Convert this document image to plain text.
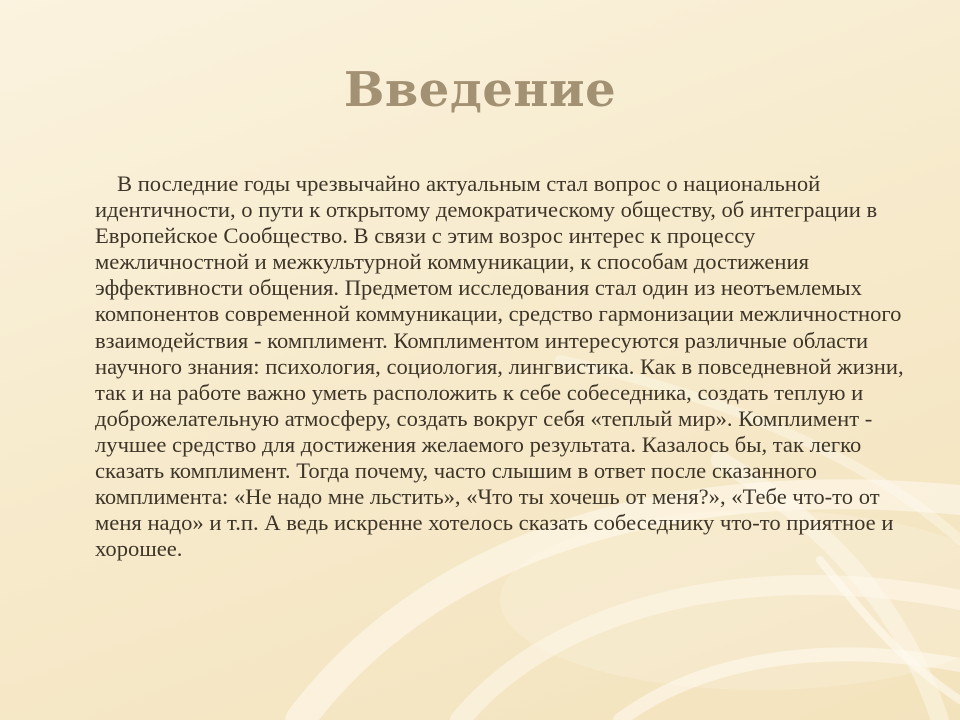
Введение

В последние годы чрезвычайно актуальным стал вопрос о национальной идентичности, о пути к открытому демократическому обществу, об интеграции в Европейское Сообщество. В связи с этим возрос интерес к процессу межличностной и межкультурной коммуникации, к способам достижения эффективности общения. Предметом исследования стал один из неотъемлемых компонентов современной коммуникации, средство гармонизации межличностного взаимодействия - комплимент. Комплиментом интересуются различные области научного знания: психология, социология, лингвистика. Как в повседневной жизни, так и на работе важно уметь расположить к себе собеседника, создать теплую и доброжелательную атмосферу, создать вокруг себя «теплый мир». Комплимент - лучшее средство для достижения желаемого результата. Казалось бы, так легко сказать комплимент. Тогда почему, часто слышим в ответ после сказанного комплимента: «Не надо мне льстить», «Что ты хочешь от меня?», «Тебе что-то от меня надо» и т.п. А ведь искренне хотелось сказать собеседнику что-то приятное и хорошее.
